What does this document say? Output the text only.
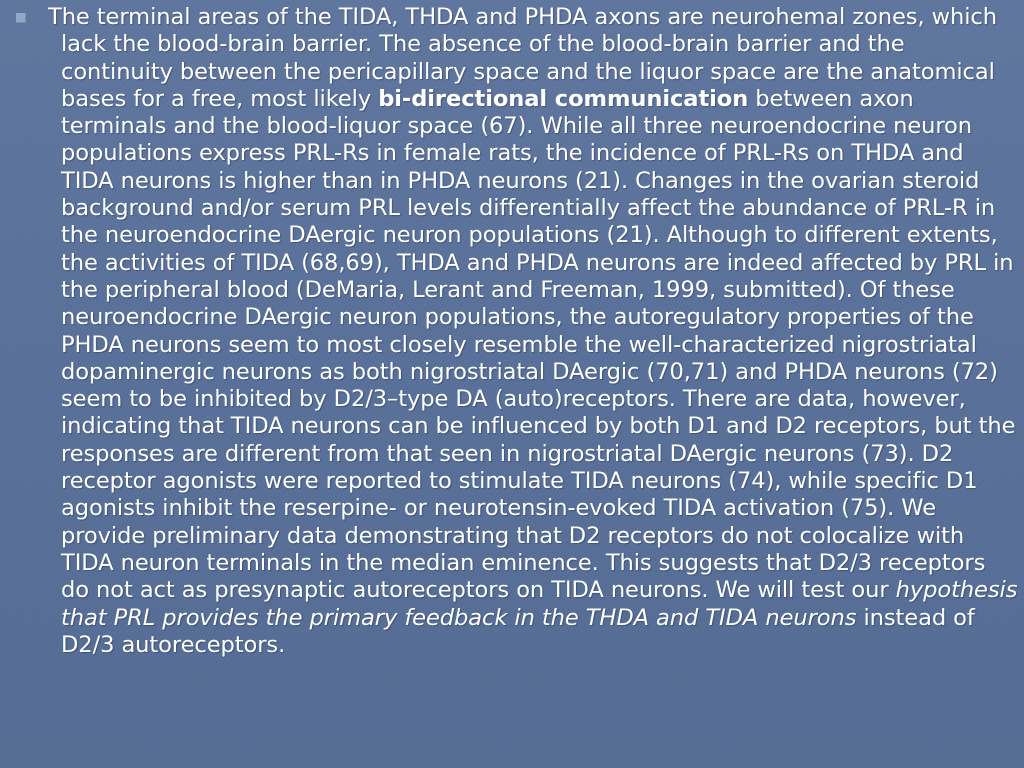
The terminal areas of the TIDA, THDA and PHDA axons are neurohemal zones, which lack the blood-brain barrier. The absence of the blood-brain barrier and the continuity between the pericapillary space and the liquor space are the anatomical bases for a free, most likely bi-directional communication between axon terminals and the blood-liquor space (67). While all three neuroendocrine neuron populations express PRL-Rs in female rats, the incidence of PRL-Rs on THDA and TIDA neurons is higher than in PHDA neurons (21). Changes in the ovarian steroid background and/or serum PRL levels differentially affect the abundance of PRL-R in the neuroendocrine DAergic neuron populations (21). Although to different extents, the activities of TIDA (68,69), THDA and PHDA neurons are indeed affected by PRL in the peripheral blood (DeMaria, Lerant and Freeman, 1999, submitted). Of these neuroendocrine DAergic neuron populations, the autoregulatory properties of the PHDA neurons seem to most closely resemble the well-characterized nigrostriatal dopaminergic neurons as both nigrostriatal DAergic (70,71) and PHDA neurons (72) seem to be inhibited by D2/3–type DA (auto)receptors. There are data, however, indicating that TIDA neurons can be influenced by both D1 and D2 receptors, but the responses are different from that seen in nigrostriatal DAergic neurons (73). D2 receptor agonists were reported to stimulate TIDA neurons (74), while specific D1 agonists inhibit the reserpine- or neurotensin-evoked TIDA activation (75). We provide preliminary data demonstrating that D2 receptors do not colocalize with TIDA neuron terminals in the median eminence. This suggests that D2/3 receptors do not act as presynaptic autoreceptors on TIDA neurons. We will test our hypothesis that PRL provides the primary feedback in the THDA and TIDA neurons instead of D2/3 autoreceptors.
